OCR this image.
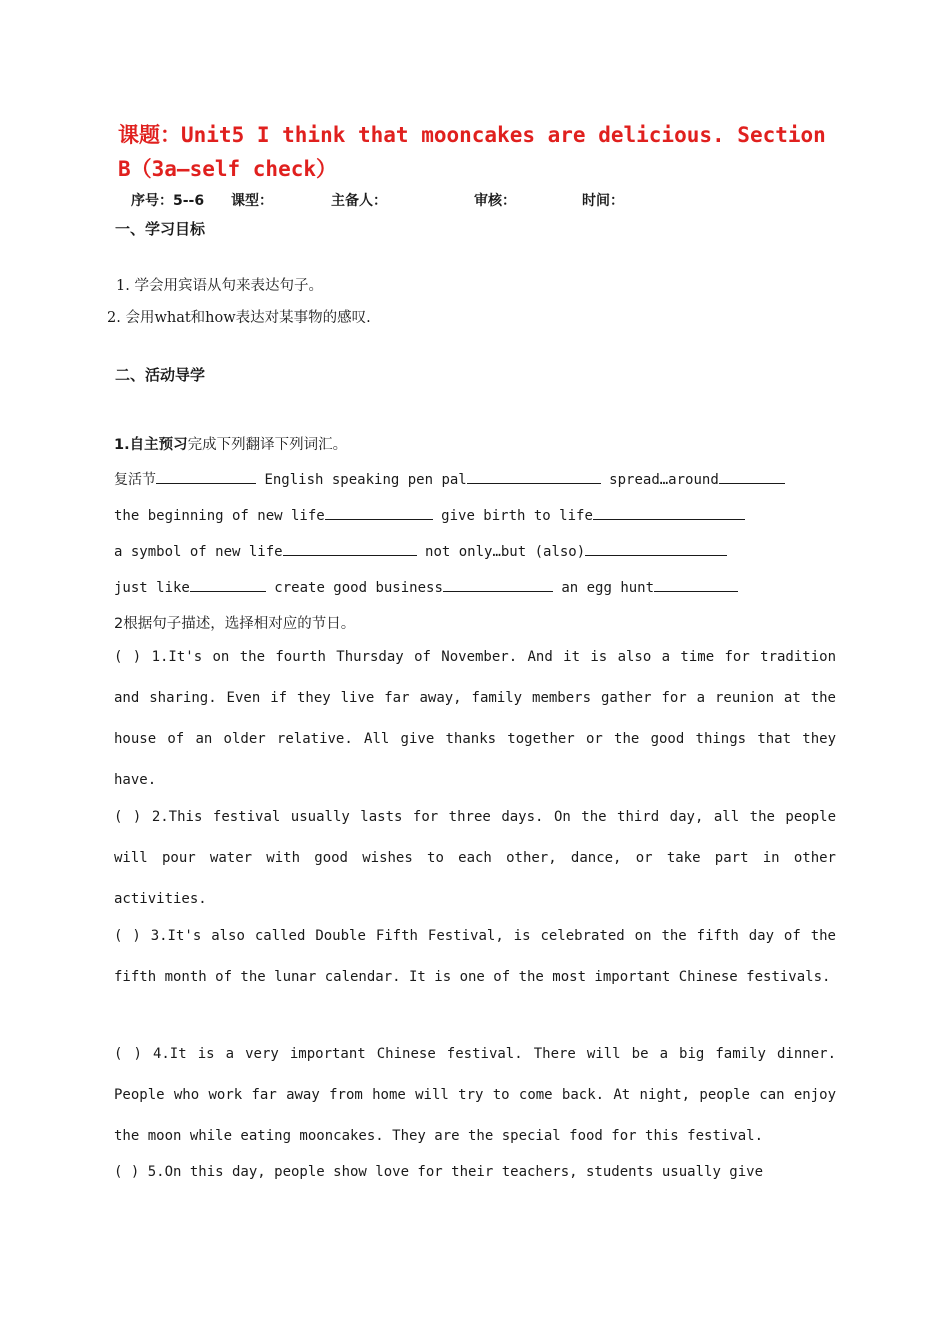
课题：Unit5 I think that mooncakes are delicious. Section B（3a—self check）
序号：5--6 课型：	主备人：	审核：	时间：
一、学习目标
1. 学会用宾语从句来表达句子。
2. 会用what和how表达对某事物的感叹.
二、活动导学
1.自主预习完成下列翻译下列词汇。
复活节	English speaking pen pal	spread…around
the beginning of new life	give birth to life
a symbol of new life	not only…but (also)
just like	create good business	an egg hunt
2根据句子描述，选择相对应的节日。
( ) 1.It's on the fourth Thursday of November. And it is also a time for tradition and sharing. Even if they live far away, family members gather for a reunion at the house of an older relative. All give thanks together or the good things that they have.
( ) 2.This festival usually lasts for three days. On the third day, all the people will pour water with good wishes to each other, dance, or take part in other activities.
( ) 3.It's also called Double Fifth Festival, is celebrated on the fifth day of the fifth month of the lunar calendar. It is one of the most important Chinese festivals.
( ) 4.It is a very important Chinese festival. There will be a big family dinner. People who work far away from home will try to come back. At night, people can enjoy the moon while eating mooncakes. They are the special food for this festival.
( ) 5.On this day, people show love for their teachers, students usually give
